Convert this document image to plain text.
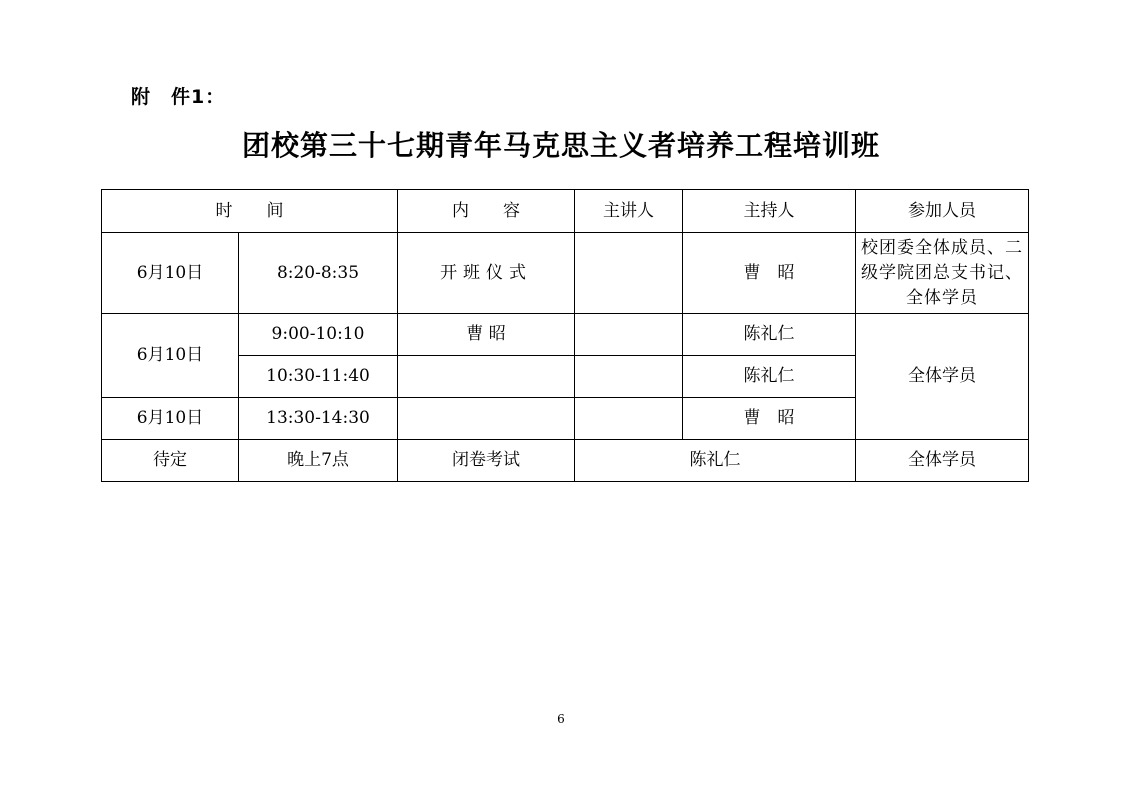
附　件1：
团校第三十七期青年马克思主义者培养工程培训班
时　　间		内　　容	主讲人	主持人	参加人员
6月10日	8:20-8:35	开班仪式		曹　昭	校团委全体成员、二级学院团总支书记、全体学员
6月10日	9:00-10:10	曹 昭		陈礼仁	全体学员
	10:30-11:40			陈礼仁	
6月10日	13:30-14:30			曹　昭	
待定	晚上7点	闭卷考试	陈礼仁		全体学员
6
